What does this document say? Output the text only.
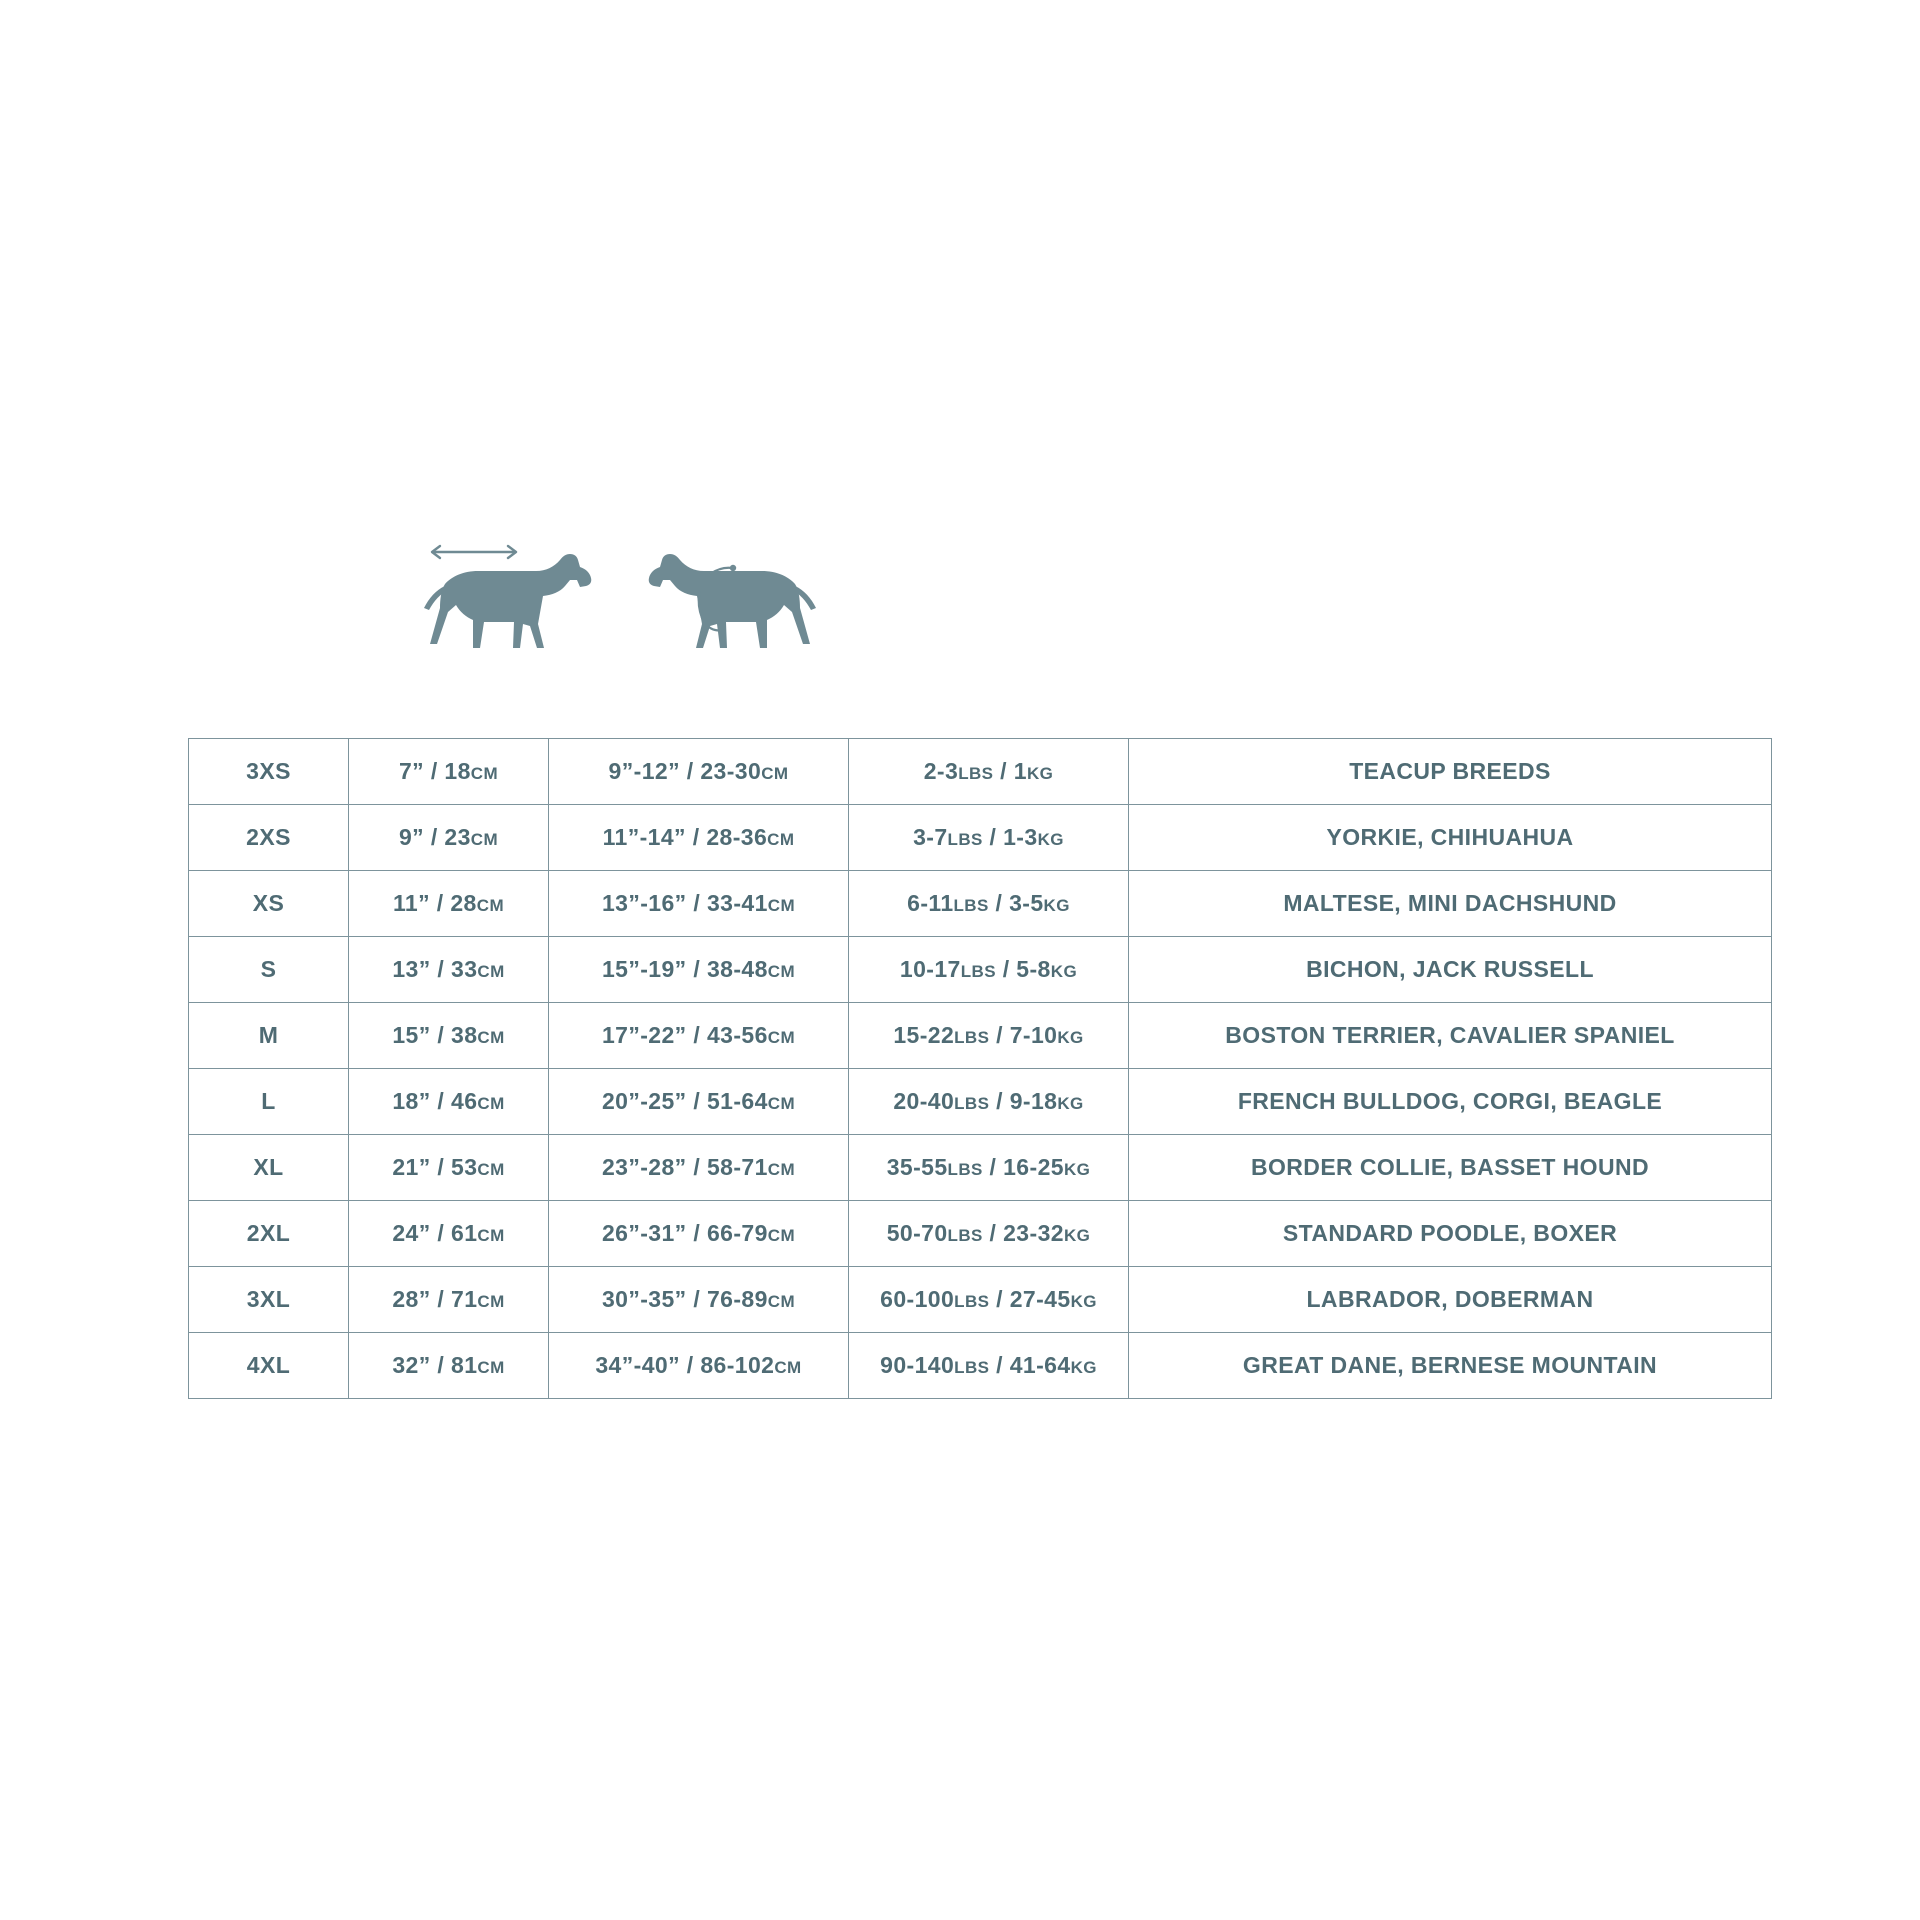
3XS	7” / 18CM	9”-12” / 23-30CM	2-3LBS / 1KG	TEACUP BREEDS
2XS	9” / 23CM	11”-14” / 28-36CM	3-7LBS / 1-3KG	YORKIE, CHIHUAHUA
XS	11” / 28CM	13”-16” / 33-41CM	6-11LBS / 3-5KG	MALTESE, MINI DACHSHUND
S	13” / 33CM	15”-19” / 38-48CM	10-17LBS / 5-8KG	BICHON, JACK RUSSELL
M	15” / 38CM	17”-22” / 43-56CM	15-22LBS / 7-10KG	BOSTON TERRIER, CAVALIER SPANIEL
L	18” / 46CM	20”-25” / 51-64CM	20-40LBS / 9-18KG	FRENCH BULLDOG, CORGI, BEAGLE
XL	21” / 53CM	23”-28” / 58-71CM	35-55LBS / 16-25KG	BORDER COLLIE, BASSET HOUND
2XL	24” / 61CM	26”-31” / 66-79CM	50-70LBS / 23-32KG	STANDARD POODLE, BOXER
3XL	28” / 71CM	30”-35” / 76-89CM	60-100LBS / 27-45KG	LABRADOR, DOBERMAN
4XL	32” / 81CM	34”-40” / 86-102CM	90-140LBS / 41-64KG	GREAT DANE, BERNESE MOUNTAIN
